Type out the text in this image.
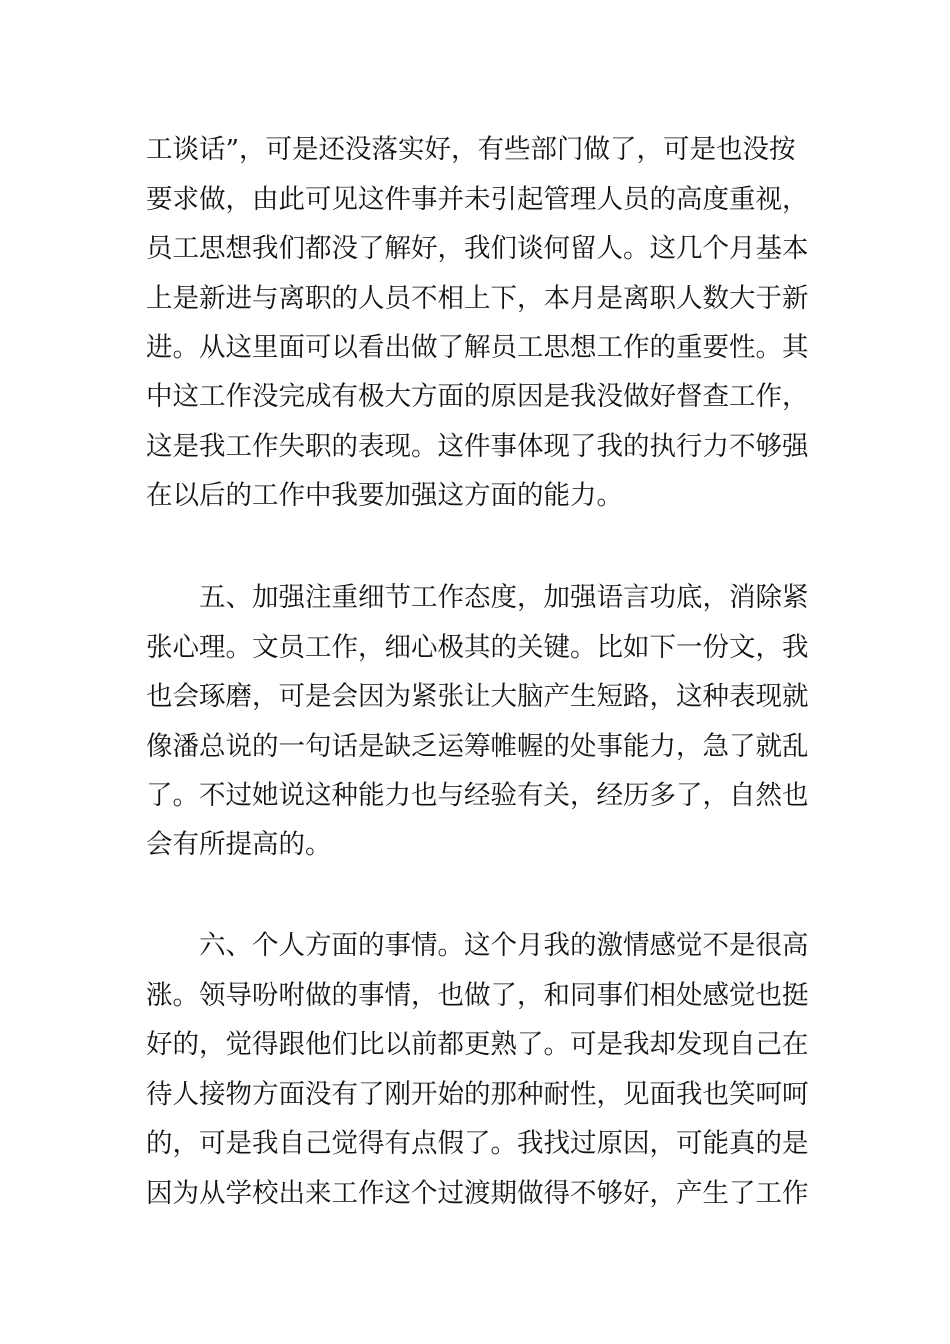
工谈话”，可是还没落实好，有些部门做了，可是也没按
要求做，由此可见这件事并未引起管理人员的高度重视，
员工思想我们都没了解好，我们谈何留人。这几个月基本
上是新进与离职的人员不相上下，本月是离职人数大于新
进。从这里面可以看出做了解员工思想工作的重要性。其
中这工作没完成有极大方面的原因是我没做好督查工作，
这是我工作失职的表现。这件事体现了我的执行力不够强
在以后的工作中我要加强这方面的能力。
五、加强注重细节工作态度，加强语言功底，消除紧
张心理。文员工作，细心极其的关键。比如下一份文，我
也会琢磨，可是会因为紧张让大脑产生短路，这种表现就
像潘总说的一句话是缺乏运筹帷幄的处事能力，急了就乱
了。不过她说这种能力也与经验有关，经历多了，自然也
会有所提高的。
六、个人方面的事情。这个月我的激情感觉不是很高
涨。领导吩咐做的事情，也做了，和同事们相处感觉也挺
好的，觉得跟他们比以前都更熟了。可是我却发现自己在
待人接物方面没有了刚开始的那种耐性，见面我也笑呵呵
的，可是我自己觉得有点假了。我找过原因，可能真的是
因为从学校出来工作这个过渡期做得不够好，产生了工作
